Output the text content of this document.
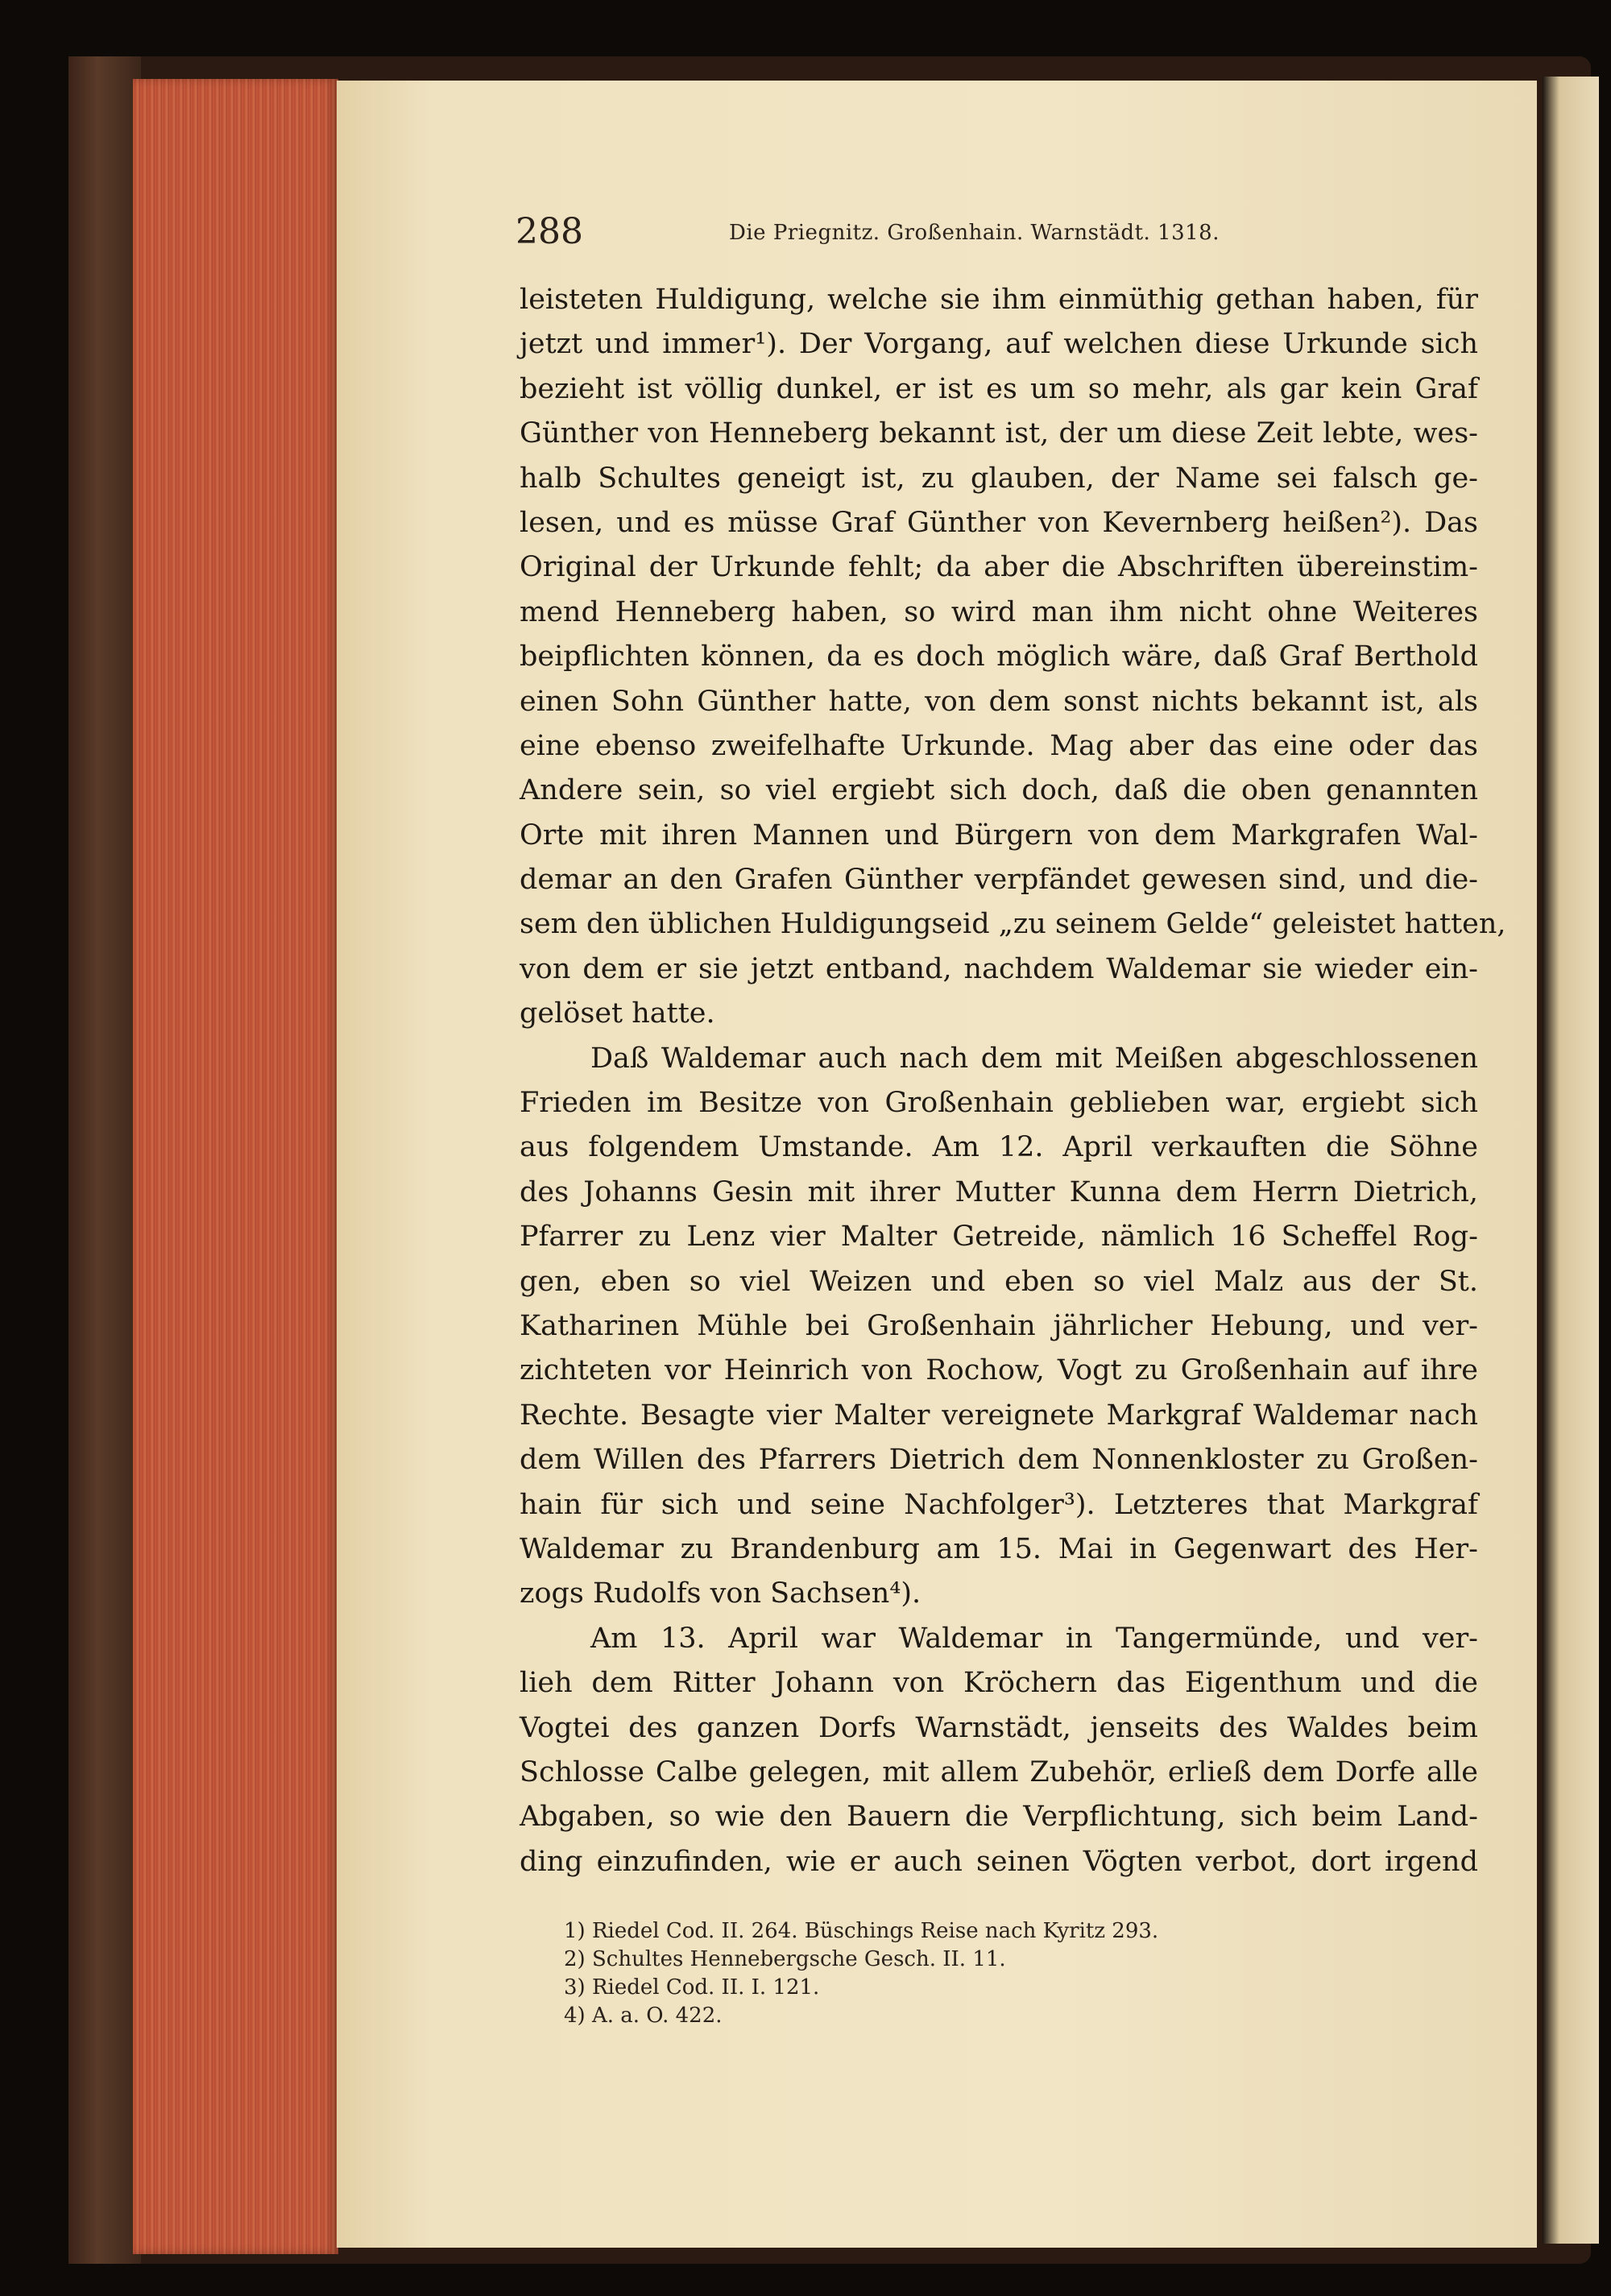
288	Die Priegnitz. Großenhain. Warnstädt. 1318.
leisteten Huldigung, welche sie ihm einmüthig gethan haben, für
jetzt und immer¹). Der Vorgang, auf welchen diese Urkunde sich
bezieht ist völlig dunkel, er ist es um so mehr, als gar kein Graf
Günther von Henneberg bekannt ist, der um diese Zeit lebte, wes-
halb Schultes geneigt ist, zu glauben, der Name sei falsch ge-
lesen, und es müsse Graf Günther von Kevernberg heißen²). Das
Original der Urkunde fehlt; da aber die Abschriften übereinstim-
mend Henneberg haben, so wird man ihm nicht ohne Weiteres
beipflichten können, da es doch möglich wäre, daß Graf Berthold
einen Sohn Günther hatte, von dem sonst nichts bekannt ist, als
eine ebenso zweifelhafte Urkunde. Mag aber das eine oder das
Andere sein, so viel ergiebt sich doch, daß die oben genannten
Orte mit ihren Mannen und Bürgern von dem Markgrafen Wal-
demar an den Grafen Günther verpfändet gewesen sind, und die-
sem den üblichen Huldigungseid „zu seinem Gelde“ geleistet hatten,
von dem er sie jetzt entband, nachdem Waldemar sie wieder ein-
gelöset hatte.
Daß Waldemar auch nach dem mit Meißen abgeschlossenen
Frieden im Besitze von Großenhain geblieben war, ergiebt sich
aus folgendem Umstande. Am 12. April verkauften die Söhne
des Johanns Gesin mit ihrer Mutter Kunna dem Herrn Dietrich,
Pfarrer zu Lenz vier Malter Getreide, nämlich 16 Scheffel Rog-
gen, eben so viel Weizen und eben so viel Malz aus der St.
Katharinen Mühle bei Großenhain jährlicher Hebung, und ver-
zichteten vor Heinrich von Rochow, Vogt zu Großenhain auf ihre
Rechte. Besagte vier Malter vereignete Markgraf Waldemar nach
dem Willen des Pfarrers Dietrich dem Nonnenkloster zu Großen-
hain für sich und seine Nachfolger³). Letzteres that Markgraf
Waldemar zu Brandenburg am 15. Mai in Gegenwart des Her-
zogs Rudolfs von Sachsen⁴).
Am 13. April war Waldemar in Tangermünde, und ver-
lieh dem Ritter Johann von Kröchern das Eigenthum und die
Vogtei des ganzen Dorfs Warnstädt, jenseits des Waldes beim
Schlosse Calbe gelegen, mit allem Zubehör, erließ dem Dorfe alle
Abgaben, so wie den Bauern die Verpflichtung, sich beim Land-
ding einzufinden, wie er auch seinen Vögten verbot, dort irgend
1) Riedel Cod. II. 264. Büschings Reise nach Kyritz 293.
2) Schultes Hennebergsche Gesch. II. 11.
3) Riedel Cod. II. I. 121.
4) A. a. O. 422.
